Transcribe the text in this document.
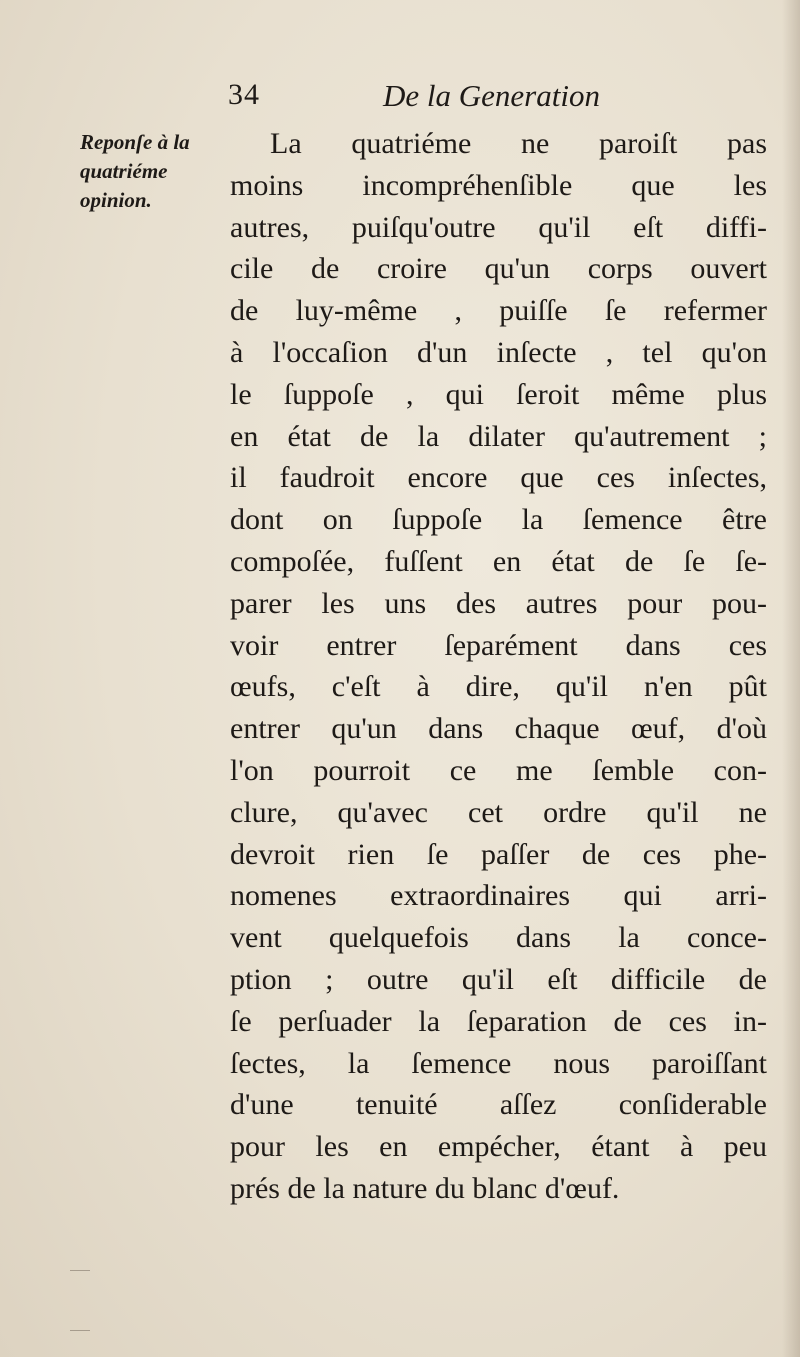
34	De la Generation
Reponſe à la
quatriéme
opinion.
La quatriéme ne paroiſt pas
moins incompréhenſible que les
autres, puiſqu'outre qu'il eſt diffi-
cile de croire qu'un corps ouvert
de luy-même , puiſſe ſe refermer
à l'occaſion d'un inſecte , tel qu'on
le ſuppoſe , qui ſeroit même plus
en état de la dilater qu'autrement ;
il faudroit encore que ces inſectes,
dont on ſuppoſe la ſemence être
compoſée, fuſſent en état de ſe ſe-
parer les uns des autres pour pou-
voir entrer ſeparément dans ces
œufs, c'eſt à dire, qu'il n'en pût
entrer qu'un dans chaque œuf, d'où
l'on pourroit ce me ſemble con-
clure, qu'avec cet ordre qu'il ne
devroit rien ſe paſſer de ces phe-
nomenes extraordinaires qui arri-
vent quelquefois dans la conce-
ption ; outre qu'il eſt difficile de
ſe perſuader la ſeparation de ces in-
ſectes, la ſemence nous paroiſſant
d'une tenuité aſſez conſiderable
pour les en empécher, étant à peu
prés de la nature du blanc d'œuf.
